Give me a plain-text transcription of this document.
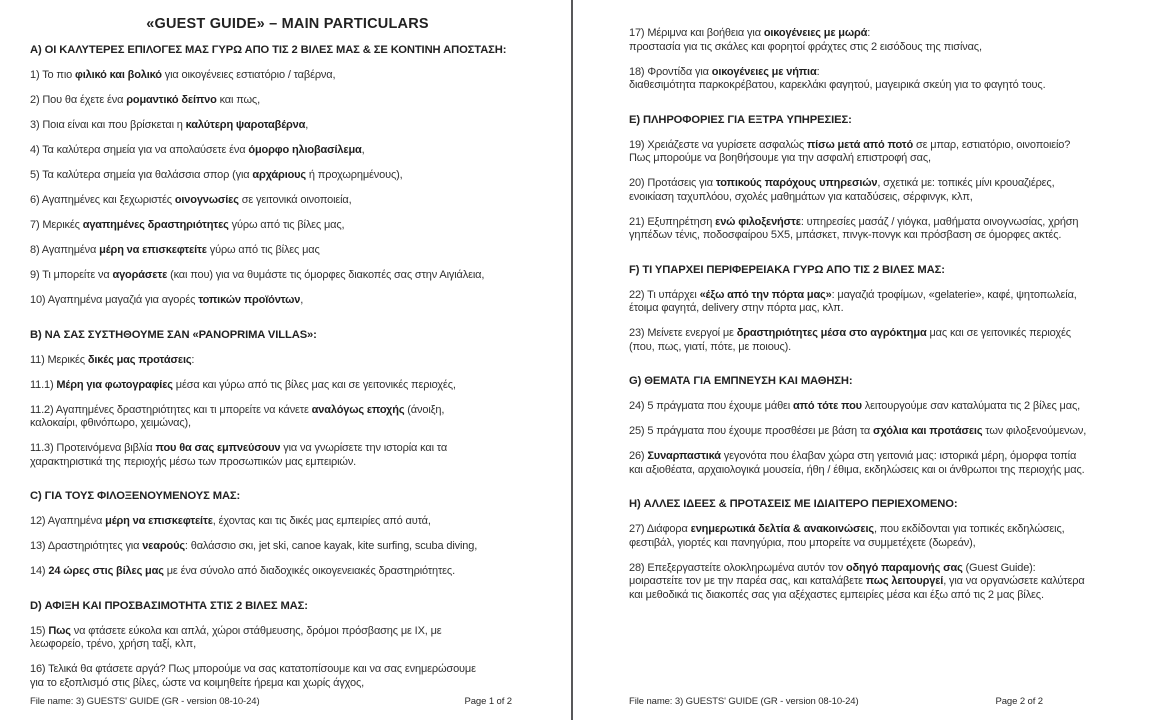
«GUEST GUIDE» – MAIN PARTICULARS
A) ΟΙ ΚΑΛΥΤΕΡΕΣ ΕΠΙΛΟΓΕΣ ΜΑΣ ΓΥΡΩ ΑΠΟ ΤΙΣ 2 ΒΙΛΕΣ ΜΑΣ & ΣΕ ΚΟΝΤΙΝΗ ΑΠΟΣΤΑΣΗ:

1) Το πιο φιλικό και βολικό για οικογένειες εστιατόριο / ταβέρνα,

2) Που θα έχετε ένα ρομαντικό δείπνο και πως,

3) Ποια είναι και που βρίσκεται η καλύτερη ψαροταβέρνα,

4) Τα καλύτερα σημεία για να απολαύσετε ένα όμορφο ηλιοβασίλεμα,

5) Τα καλύτερα σημεία για θαλάσσια σπορ (για αρχάριους ή προχωρημένους),

6) Αγαπημένες και ξεχωριστές οινογνωσίες σε γειτονικά οινοποιεία,

7) Μερικές αγαπημένες δραστηριότητες γύρω από τις βίλες μας,

8) Αγαπημένα μέρη να επισκεφτείτε γύρω από τις βίλες μας

9) Τι μπορείτε να αγοράσετε (και που) για να θυμάστε τις όμορφες διακοπές σας στην Αιγιάλεια,

10) Αγαπημένα μαγαζιά για αγορές τοπικών προϊόντων,

B) ΝΑ ΣΑΣ ΣΥΣΤΗΘΟΥΜΕ ΣΑΝ «PANOPRIMA VILLAS»:

11) Μερικές δικές μας προτάσεις:

11.1) Μέρη για φωτογραφίες μέσα και γύρω από τις βίλες μας και σε γειτονικές περιοχές,

11.2) Αγαπημένες δραστηριότητες και τι μπορείτε να κάνετε αναλόγως εποχής (άνοιξη,
καλοκαίρι, φθινόπωρο, χειμώνας),

11.3) Προτεινόμενα βιβλία που θα σας εμπνεύσουν για να γνωρίσετε την ιστορία και τα
χαρακτηριστικά της περιοχής μέσω των προσωπικών μας εμπειριών.

C) ΓΙΑ ΤΟΥΣ ΦΙΛΟΞΕΝΟΥΜΕΝΟΥΣ ΜΑΣ:

12) Αγαπημένα μέρη να επισκεφτείτε, έχοντας και τις δικές μας εμπειρίες από αυτά,

13) Δραστηριότητες για νεαρούς: θαλάσσιο σκι, jet ski, canoe kayak, kite surfing, scuba diving,

14) 24 ώρες στις βίλες μας με ένα σύνολο από διαδοχικές οικογενειακές δραστηριότητες.

D) ΑΦΙΞΗ ΚΑΙ ΠΡΟΣΒΑΣΙΜΟΤΗΤΑ ΣΤΙΣ 2 ΒΙΛΕΣ ΜΑΣ:

15) Πως να φτάσετε εύκολα και απλά, χώροι στάθμευσης, δρόμοι πρόσβασης με ΙΧ, με
λεωφορείο, τρένο, χρήση ταξί, κλπ,

16) Τελικά θα φτάσετε αργά? Πως μπορούμε να σας κατατοπίσουμε και να σας ενημερώσουμε
για το εξοπλισμό στις βίλες, ώστε να κοιμηθείτε ήρεμα και χωρίς άγχος,

File name: 3) GUESTS' GUIDE (GR - version 08-10-24)	Page 1 of 2

17) Μέριμνα και βοήθεια για οικογένειες με μωρά:
προστασία για τις σκάλες και φορητοί φράχτες στις 2 εισόδους της πισίνας,

18) Φροντίδα για οικογένειες με νήπια:
διαθεσιμότητα παρκοκρέβατου, καρεκλάκι φαγητού, μαγειρικά σκεύη για το φαγητό τους.

E) ΠΛΗΡΟΦΟΡΙΕΣ ΓΙΑ ΕΞΤΡΑ ΥΠΗΡΕΣΙΕΣ:

19) Χρειάζεστε να γυρίσετε ασφαλώς πίσω μετά από ποτό σε μπαρ, εστιατόριο, οινοποιείο?
Πως μπορούμε να βοηθήσουμε για την ασφαλή επιστροφή σας,

20) Προτάσεις για τοπικούς παρόχους υπηρεσιών, σχετικά με: τοπικές μίνι κρουαζιέρες,
ενοικίαση ταχυπλόου, σχολές μαθημάτων για καταδύσεις, σέρφινγκ, κλπ,

21) Εξυπηρέτηση ενώ φιλοξενήστε: υπηρεσίες μασάζ / γιόγκα, μαθήματα οινογνωσίας, χρήση
γηπέδων τένις, ποδοσφαίρου 5Χ5, μπάσκετ, πινγκ-πονγκ και πρόσβαση σε όμορφες ακτές.

F) ΤΙ ΥΠΑΡΧΕΙ ΠΕΡΙΦΕΡΕΙΑΚΑ ΓΥΡΩ ΑΠΟ ΤΙΣ 2 ΒΙΛΕΣ ΜΑΣ:

22) Τι υπάρχει «έξω από την πόρτα μας»: μαγαζιά τροφίμων, «gelaterie», καφέ, ψητοπωλεία,
έτοιμα φαγητά, delivery στην πόρτα μας, κλπ.

23) Μείνετε ενεργοί με δραστηριότητες μέσα στο αγρόκτημα μας και σε γειτονικές περιοχές
(που, πως, γιατί, πότε, με ποιους).

G) ΘΕΜΑΤΑ ΓΙΑ ΕΜΠΝΕΥΣΗ ΚΑΙ ΜΑΘΗΣΗ:

24) 5 πράγματα που έχουμε μάθει από τότε που λειτουργούμε σαν καταλύματα τις 2 βίλες μας,

25) 5 πράγματα που έχουμε προσθέσει με βάση τα σχόλια και προτάσεις των φιλοξενούμενων,

26) Συναρπαστικά γεγονότα που έλαβαν χώρα στη γειτονιά μας: ιστορικά μέρη, όμορφα τοπία
και αξιοθέατα, αρχαιολογικά μουσεία, ήθη / έθιμα, εκδηλώσεις και οι άνθρωποι της περιοχής μας.

H) ΑΛΛΕΣ ΙΔΕΕΣ & ΠΡΟΤΑΣΕΙΣ ΜΕ ΙΔΙΑΙΤΕΡΟ ΠΕΡΙΕΧΟΜΕΝΟ:

27) Διάφορα ενημερωτικά δελτία & ανακοινώσεις, που εκδίδονται για τοπικές εκδηλώσεις,
φεστιβάλ, γιορτές και πανηγύρια, που μπορείτε να συμμετέχετε (δωρεάν),

28) Επεξεργαστείτε ολοκληρωμένα αυτόν τον οδηγό παραμονής σας (Guest Guide):
μοιραστείτε τον με την παρέα σας, και καταλάβετε πως λειτουργεί, για να οργανώσετε καλύτερα
και μεθοδικά τις διακοπές σας για αξέχαστες εμπειρίες μέσα και έξω από τις 2 μας βίλες.

File name: 3) GUESTS' GUIDE (GR - version 08-10-24)	Page 2 of 2
